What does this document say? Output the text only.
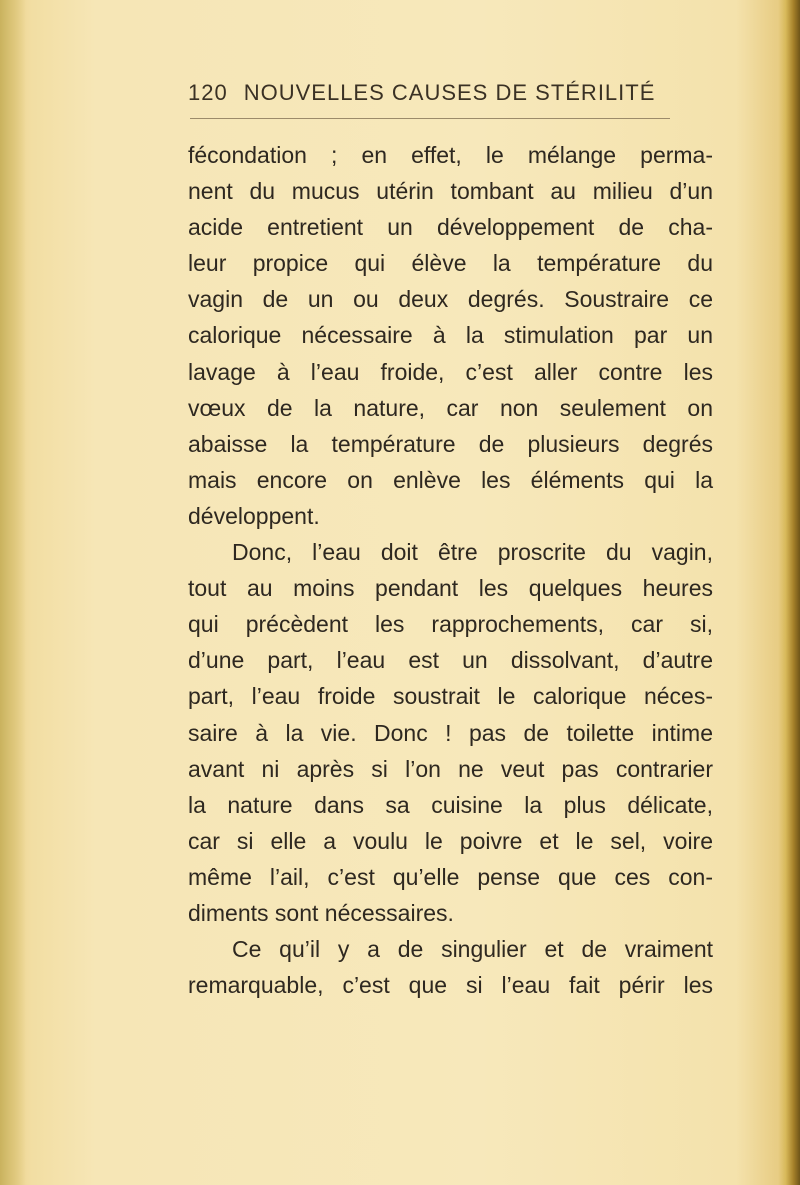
120 NOUVELLES CAUSES DE STÉRILITÉ
fécondation ; en effet, le mélange perma-
nent du mucus utérin tombant au milieu d’un
acide entretient un développement de cha-
leur propice qui élève la température du
vagin de un ou deux degrés. Soustraire ce
calorique nécessaire à la stimulation par un
lavage à l’eau froide, c’est aller contre les
vœux de la nature, car non seulement on
abaisse la température de plusieurs degrés
mais encore on enlève les éléments qui la
développent.
Donc, l’eau doit être proscrite du vagin,
tout au moins pendant les quelques heures
qui précèdent les rapprochements, car si,
d’une part, l’eau est un dissolvant, d’autre
part, l’eau froide soustrait le calorique néces-
saire à la vie. Donc ! pas de toilette intime
avant ni après si l’on ne veut pas contrarier
la nature dans sa cuisine la plus délicate,
car si elle a voulu le poivre et le sel, voire
même l’ail, c’est qu’elle pense que ces con-
diments sont nécessaires.
Ce qu’il y a de singulier et de vraiment
remarquable, c’est que si l’eau fait périr les
